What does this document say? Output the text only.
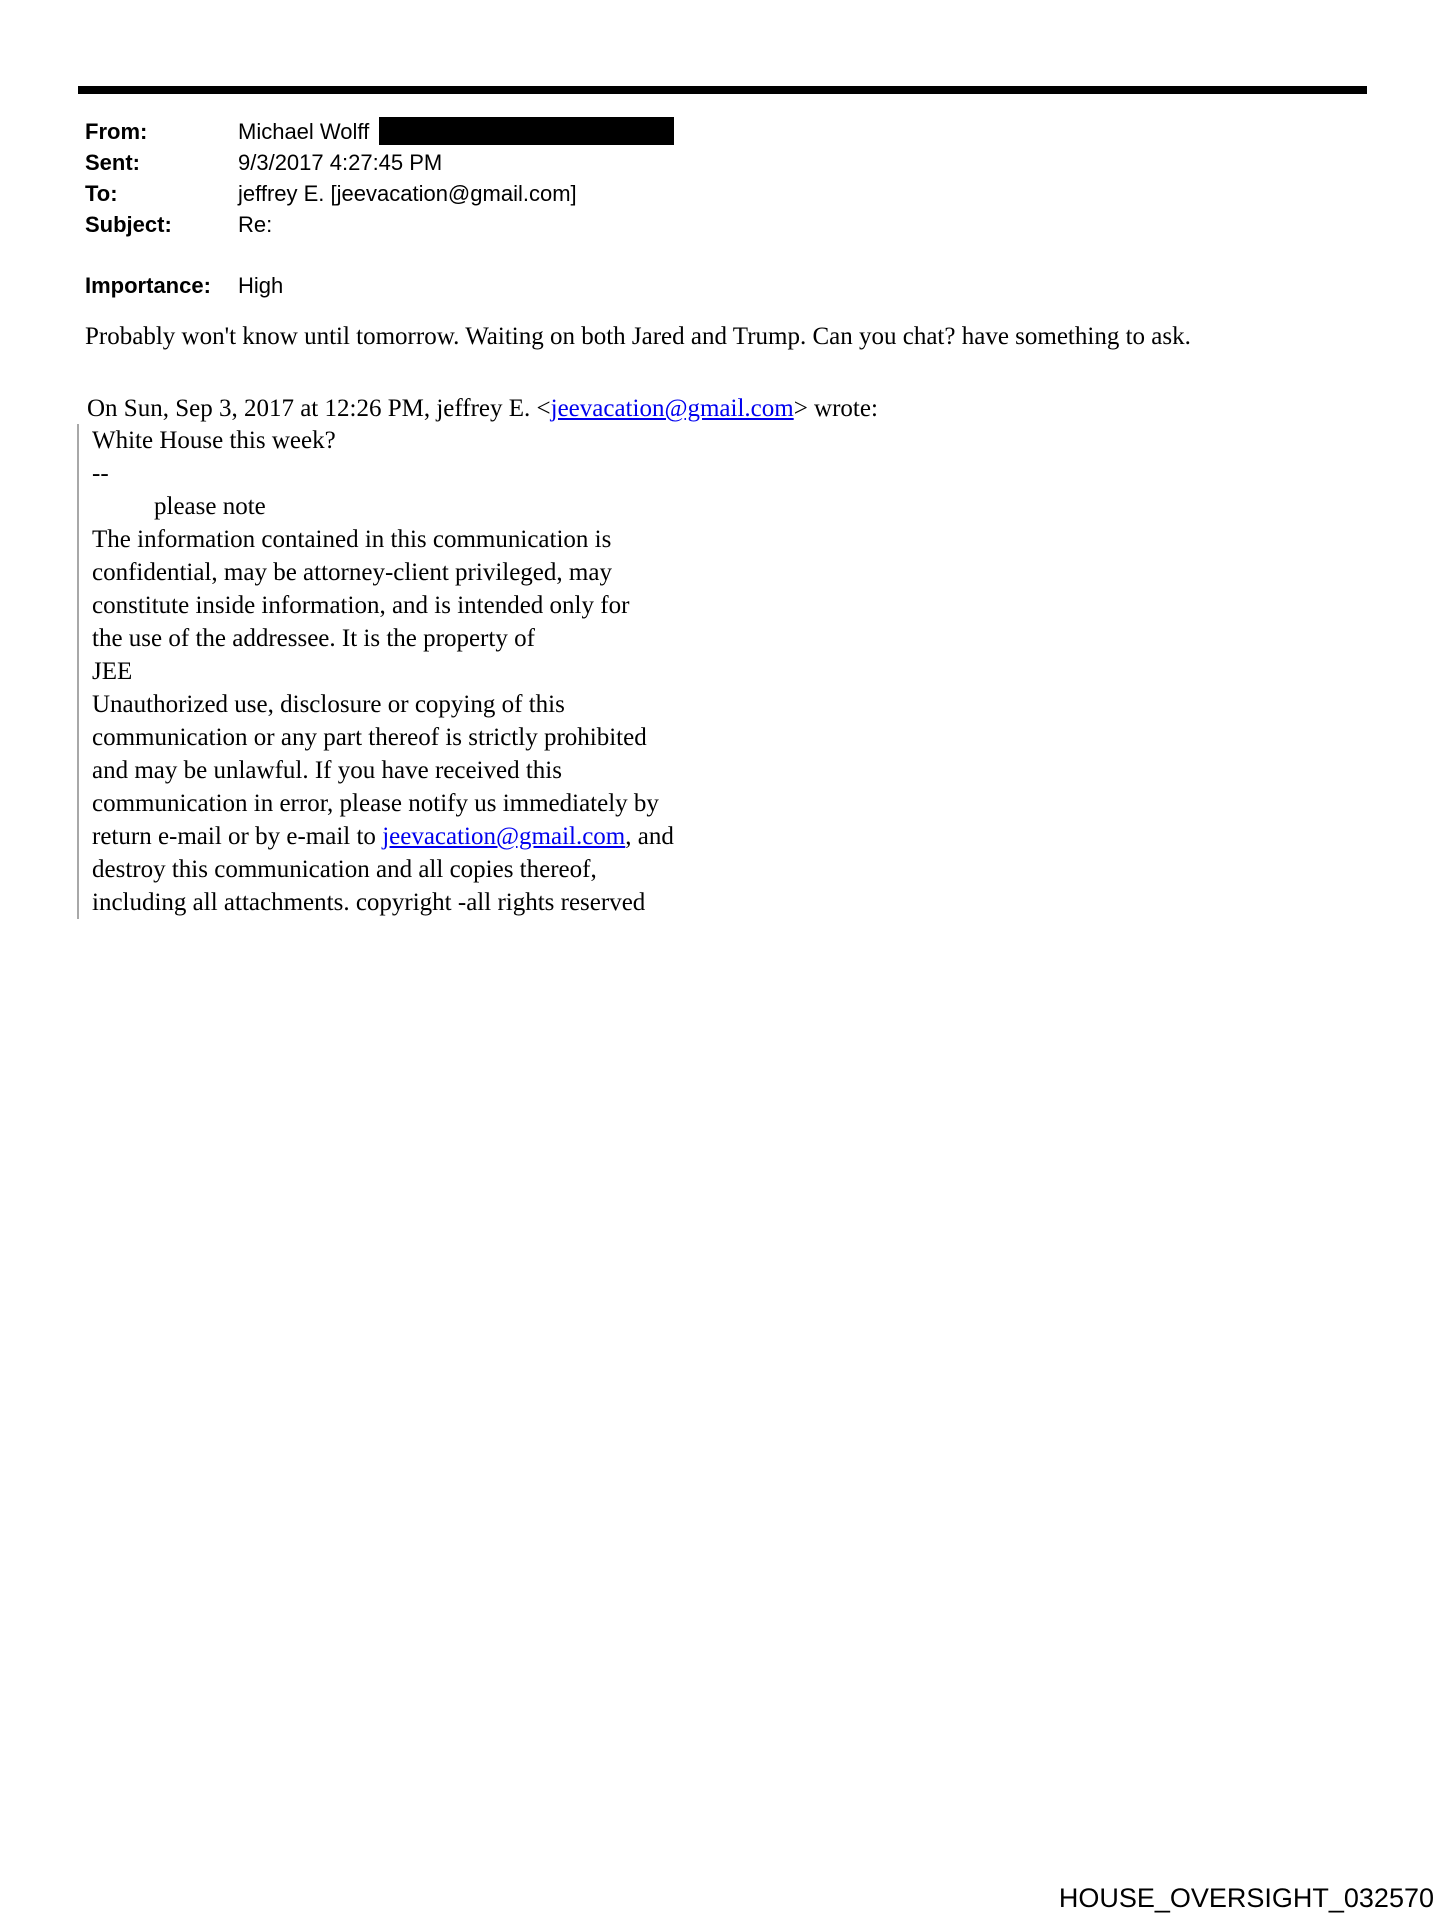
From:	Michael Wolff
Sent:	9/3/2017 4:27:45 PM
To:	jeffrey E. [jeevacation@gmail.com]
Subject:	Re:
Importance:	High
Probably won't know until tomorrow. Waiting on both Jared and Trump. Can you chat? have something to ask.
On Sun, Sep 3, 2017 at 12:26 PM, jeffrey E. <jeevacation@gmail.com> wrote:
White House this week?
--
please note
The information contained in this communication is
confidential, may be attorney-client privileged, may
constitute inside information, and is intended only for
the use of the addressee. It is the property of
JEE
Unauthorized use, disclosure or copying of this
communication or any part thereof is strictly prohibited
and may be unlawful. If you have received this
communication in error, please notify us immediately by
return e-mail or by e-mail to jeevacation@gmail.com, and
destroy this communication and all copies thereof,
including all attachments. copyright -all rights reserved
HOUSE_OVERSIGHT_032570
